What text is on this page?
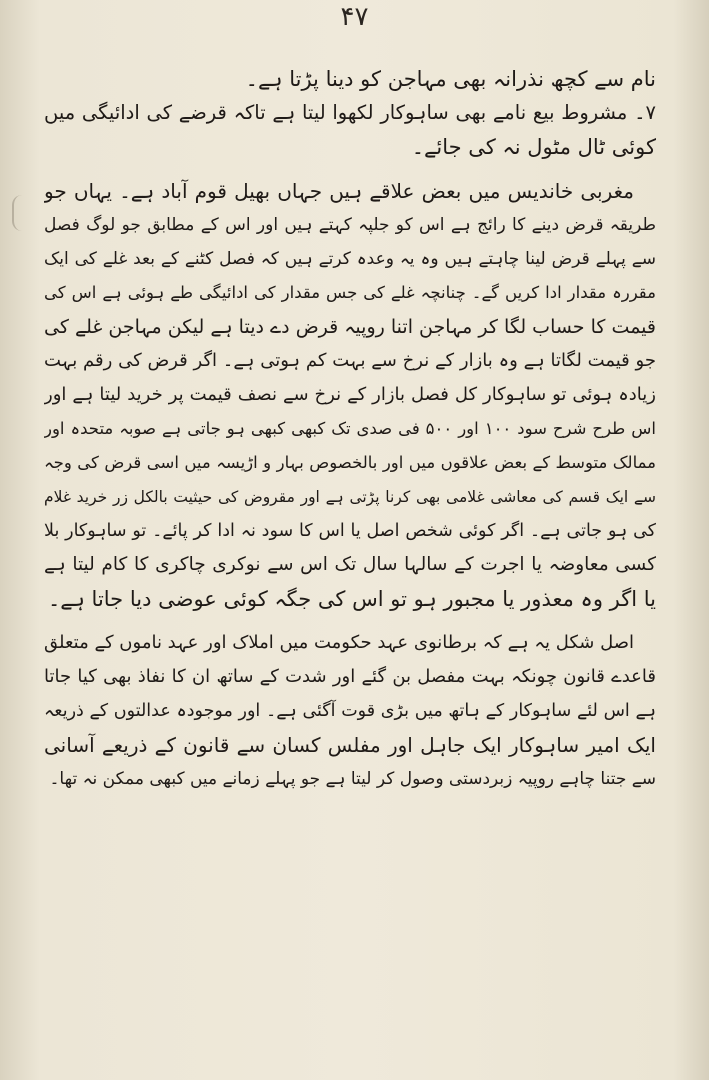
۴۷
نام سے کچھ نذرانہ بھی مہاجن کو دینا پڑتا ہے۔
۷۔ مشروط بیع نامے بھی ساہوکار لکھوا لیتا ہے تاکہ قرضے کی ادائیگی میں
کوئی ٹال مٹول نہ کی جائے۔
مغربی خاندیس میں بعض علاقے ہیں جہاں بھیل قوم آباد ہے۔ یہاں جو
طریقہ قرض دینے کا رائج ہے اس کو جلپہ کہتے ہیں اور اس کے مطابق جو لوگ فصل
سے پہلے قرض لینا چاہتے ہیں وہ یہ وعدہ کرتے ہیں کہ فصل کٹنے کے بعد غلے کی ایک
مقررہ مقدار ادا کریں گے۔ چنانچہ غلے کی جس مقدار کی ادائیگی طے ہوئی ہے اس کی
قیمت کا حساب لگا کر مہاجن اتنا روپیہ قرض دے دیتا ہے لیکن مہاجن غلے کی
جو قیمت لگاتا ہے وہ بازار کے نرخ سے بہت کم ہوتی ہے۔ اگر قرض کی رقم بہت
زیادہ ہوئی تو ساہوکار کل فصل بازار کے نرخ سے نصف قیمت پر خرید لیتا ہے اور
اس طرح شرح سود ۱۰۰ اور ۵۰۰ فی صدی تک کبھی کبھی ہو جاتی ہے صوبہ متحدہ اور
ممالک متوسط کے بعض علاقوں میں اور بالخصوص بہار و اڑیسہ میں اسی قرض کی وجہ
سے ایک قسم کی معاشی غلامی بھی کرنا پڑتی ہے اور مقروض کی حیثیت بالکل زر خرید غلام
کی ہو جاتی ہے۔ اگر کوئی شخص اصل یا اس کا سود نہ ادا کر پائے۔ تو ساہوکار بلا
کسی معاوضہ یا اجرت کے سالہا سال تک اس سے نوکری چاکری کا کام لیتا ہے
یا اگر وہ معذور یا مجبور ہو تو اس کی جگہ کوئی عوضی دیا جاتا ہے۔
اصل شکل یہ ہے کہ برطانوی عہد حکومت میں املاک اور عہد ناموں کے متعلق
قاعدے قانون چونکہ بہت مفصل بن گئے اور شدت کے ساتھ ان کا نفاذ بھی کیا جاتا
ہے اس لئے ساہوکار کے ہاتھ میں بڑی قوت آگئی ہے۔ اور موجودہ عدالتوں کے ذریعہ
ایک امیر ساہوکار ایک جاہل اور مفلس کسان سے قانون کے ذریعے آسانی
سے جتنا چاہے روپیہ زبردستی وصول کر لیتا ہے جو پہلے زمانے میں کبھی ممکن نہ تھا۔
